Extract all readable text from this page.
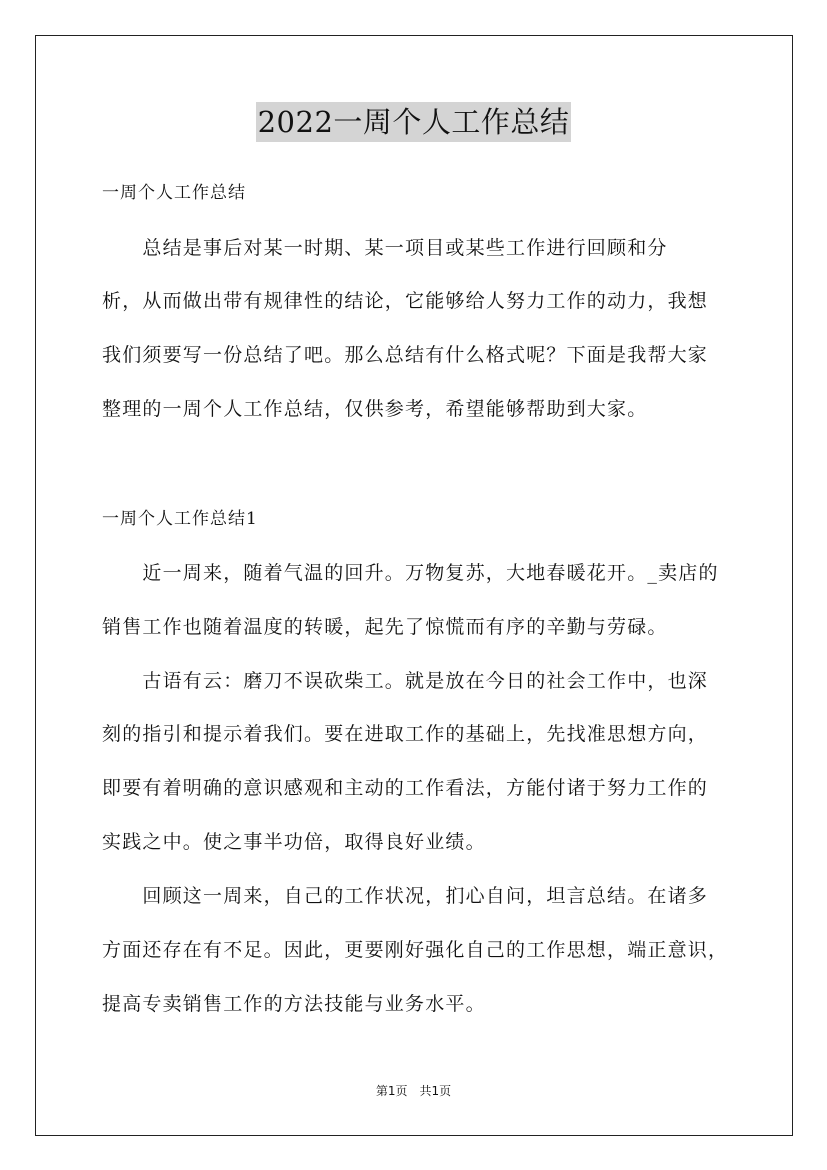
2022一周个人工作总结
一周个人工作总结
　　总结是事后对某一时期、某一项目或某些工作进行回顾和分
析，从而做出带有规律性的结论，它能够给人努力工作的动力，我想
我们须要写一份总结了吧。那么总结有什么格式呢？下面是我帮大家
整理的一周个人工作总结，仅供参考，希望能够帮助到大家。
一周个人工作总结1
　　近一周来，随着气温的回升。万物复苏，大地春暖花开。_卖店的
销售工作也随着温度的转暖，起先了惊慌而有序的辛勤与劳碌。
　　古语有云：磨刀不误砍柴工。就是放在今日的社会工作中，也深
刻的指引和提示着我们。要在进取工作的基础上，先找准思想方向，
即要有着明确的意识感观和主动的工作看法，方能付诸于努力工作的
实践之中。使之事半功倍，取得良好业绩。
　　回顾这一周来，自己的工作状况，扪心自问，坦言总结。在诸多
方面还存在有不足。因此，更要刚好强化自己的工作思想，端正意识，
提高专卖销售工作的方法技能与业务水平。
第1页　共1页
